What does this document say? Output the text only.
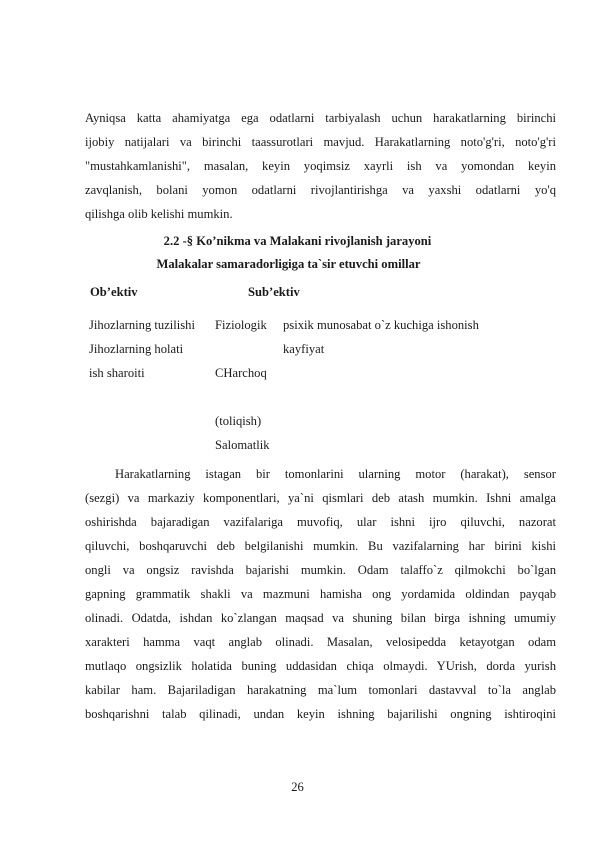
Ayniqsa katta ahamiyatga ega odatlarni tarbiyalash uchun harakatlarning birinchi
ijobiy natijalari va birinchi taassurotlari mavjud. Harakatlarning noto'g'ri, noto'g'ri
"mustahkamlanishi", masalan, keyin yoqimsiz xayrli ish va yomondan keyin
zavqlanish, bolani yomon odatlarni rivojlantirishga va yaxshi odatlarni yo'q
qilishga olib kelishi mumkin.
2.2 -§ Ko’nikma va Malakani rivojlanish jarayoni
Malakalar samaradorligiga ta`sir etuvchi omillar
Ob’ektiv	Sub’ektiv
Jihozlarning tuzilishi
Jihozlarning holati
ish sharoiti
Fiziologik
CHarchoq
(toliqish)
Salomatlik
psixik munosabat o`z kuchiga ishonish
kayfiyat
Harakatlarning istagan bir tomonlarini ularning motor (harakat), sensor
(sezgi) va markaziy komponentlari, ya`ni qismlari deb atash mumkin. Ishni amalga
oshirishda bajaradigan vazifalariga muvofiq, ular ishni ijro qiluvchi, nazorat
qiluvchi, boshqaruvchi deb belgilanishi mumkin. Bu vazifalarning har birini kishi
ongli va ongsiz ravishda bajarishi mumkin. Odam talaffo`z qilmokchi bo`lgan
gapning grammatik shakli va mazmuni hamisha ong yordamida oldindan payqab
olinadi. Odatda, ishdan ko`zlangan maqsad va shuning bilan birga ishning umumiy
xarakteri hamma vaqt anglab olinadi. Masalan, velosipedda ketayotgan odam
mutlaqo ongsizlik holatida buning uddasidan chiqa olmaydi. YUrish, dorda yurish
kabilar ham. Bajariladigan harakatning ma`lum tomonlari dastavval to`la anglab
boshqarishni talab qilinadi, undan keyin ishning bajarilishi ongning ishtiroqini
26
